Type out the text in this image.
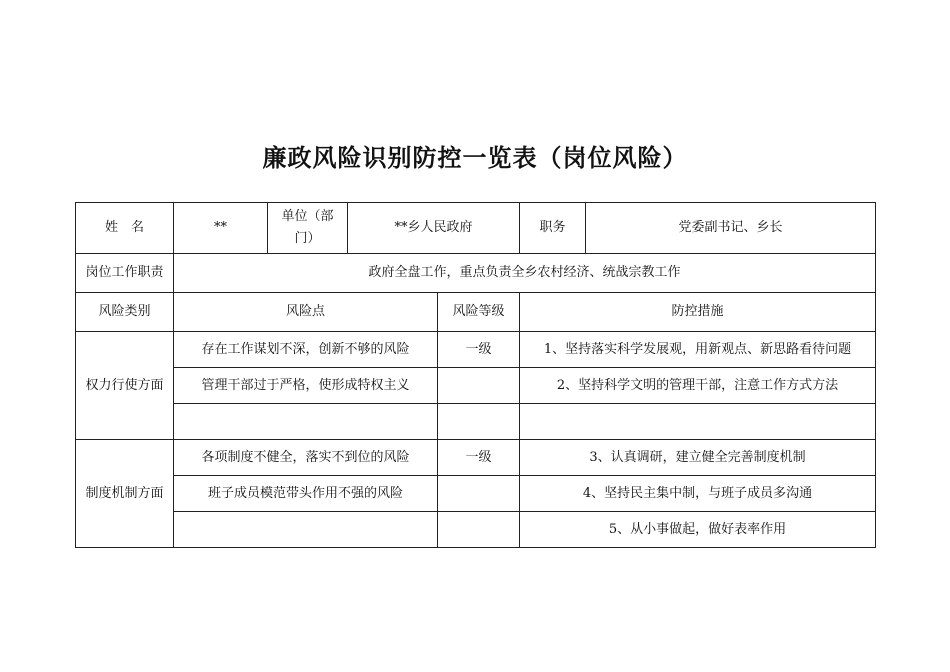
廉政风险识别防控一览表（岗位风险）
姓　名	**	单位（部门）	**乡人民政府		职务	党委副书记、乡长
岗位工作职责	政府全盘工作，重点负责全乡农村经济、统战宗教工作					
风险类别	风险点			风险等级	防控措施	
权力行使方面	存在工作谋划不深，创新不够的风险			一级	1、坚持落实科学发展观，用新观点、新思路看待问题	
	管理干部过于严格，使形成特权主义				2、坚持科学文明的管理干部，注意工作方式方法	

制度机制方面	各项制度不健全，落实不到位的风险			一级	3、认真调研，建立健全完善制度机制	
	班子成员模范带头作用不强的风险				4、坚持民主集中制，与班子成员多沟通	
					5、从小事做起，做好表率作用	
